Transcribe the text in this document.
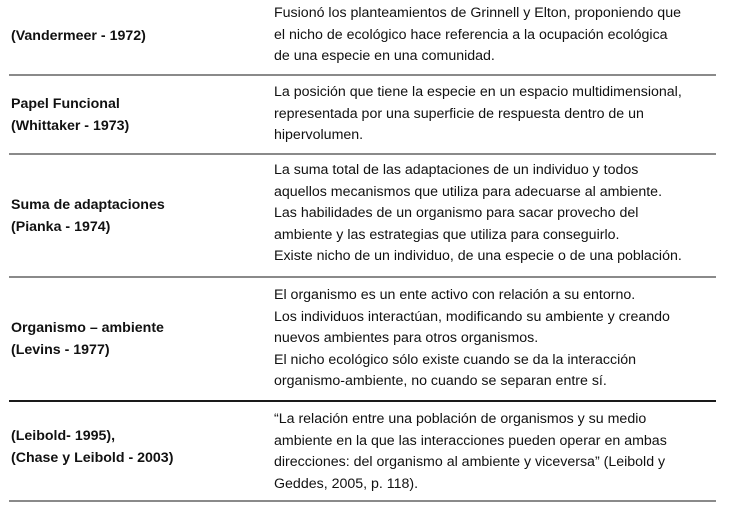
(Vandermeer - 1972)
Fusionó los planteamientos de Grinnell y Elton, proponiendo que
el nicho de ecológico hace referencia a la ocupación ecológica
de una especie en una comunidad.
Papel Funcional
(Whittaker - 1973)
La posición que tiene la especie en un espacio multidimensional,
representada por una superficie de respuesta dentro de un
hipervolumen.
Suma de adaptaciones
(Pianka - 1974)
La suma total de las adaptaciones de un individuo y todos
aquellos mecanismos que utiliza para adecuarse al ambiente.
Las habilidades de un organismo para sacar provecho del
ambiente y las estrategias que utiliza para conseguirlo.
Existe nicho de un individuo, de una especie o de una población.
Organismo – ambiente
(Levins - 1977)
El organismo es un ente activo con relación a su entorno.
Los individuos interactúan, modificando su ambiente y creando
nuevos ambientes para otros organismos.
El nicho ecológico sólo existe cuando se da la interacción
organismo-ambiente, no cuando se separan entre sí.
(Leibold- 1995),
(Chase y Leibold - 2003)
“La relación entre una población de organismos y su medio
ambiente en la que las interacciones pueden operar en ambas
direcciones: del organismo al ambiente y viceversa” (Leibold y
Geddes, 2005, p. 118).
